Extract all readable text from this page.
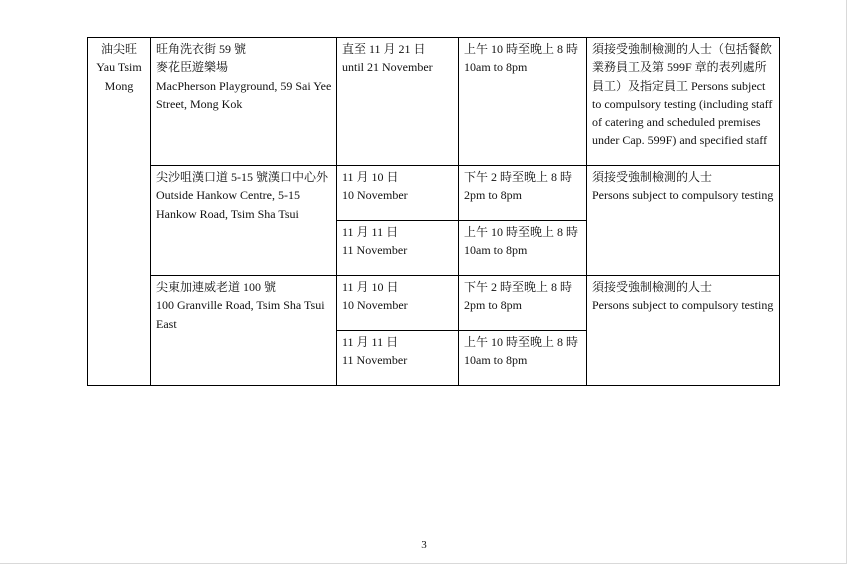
油尖旺
Yau Tsim
Mong	旺角洗衣街 59 號
麥花臣遊樂場
MacPherson Playground, 59 Sai Yee Street, Mong Kok	直至 11 月 21 日
until 21 November	上午 10 時至晚上 8 時
10am to 8pm	須接受強制檢測的人士（包括餐飲業務員工及第 599F 章的表列處所員工）及指定員工 Persons subject to compulsory testing (including staff of catering and scheduled premises under Cap. 599F) and specified staff

	尖沙咀漢口道 5-15 號漢口中心外
Outside Hankow Centre, 5-15 Hankow Road, Tsim Sha Tsui	11 月 10 日
10 November	下午 2 時至晚上 8 時
2pm to 8pm	須接受強制檢測的人士
Persons subject to compulsory testing

		11 月 11 日
11 November	上午 10 時至晚上 8 時
10am to 8pm	

	尖東加連威老道 100 號
100 Granville Road, Tsim Sha Tsui East	11 月 10 日
10 November	下午 2 時至晚上 8 時
2pm to 8pm	須接受強制檢測的人士
Persons subject to compulsory testing

		11 月 11 日
11 November	上午 10 時至晚上 8 時
10am to 8pm	
3
